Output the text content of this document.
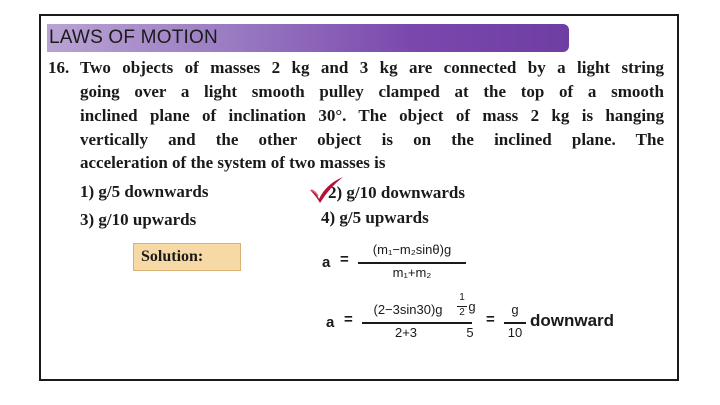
LAWS OF MOTION
16. Two objects of masses 2 kg and 3 kg are connected by a light string
going over a light smooth pulley clamped at the top of a smooth
inclined plane of inclination 30°. The object of mass 2 kg is hanging
vertically and the other object is on the inclined plane. The
acceleration of the system of two masses is
1) g/5 downwards	2) g/10 downwards
3) g/10 upwards	4) g/5 upwards
Solution:	a =
(m₁−m₂sinθ)g
m₁+m₂
a =
(2−3sin30)g
2+3
1
2 g
5
=
g
10
downward
